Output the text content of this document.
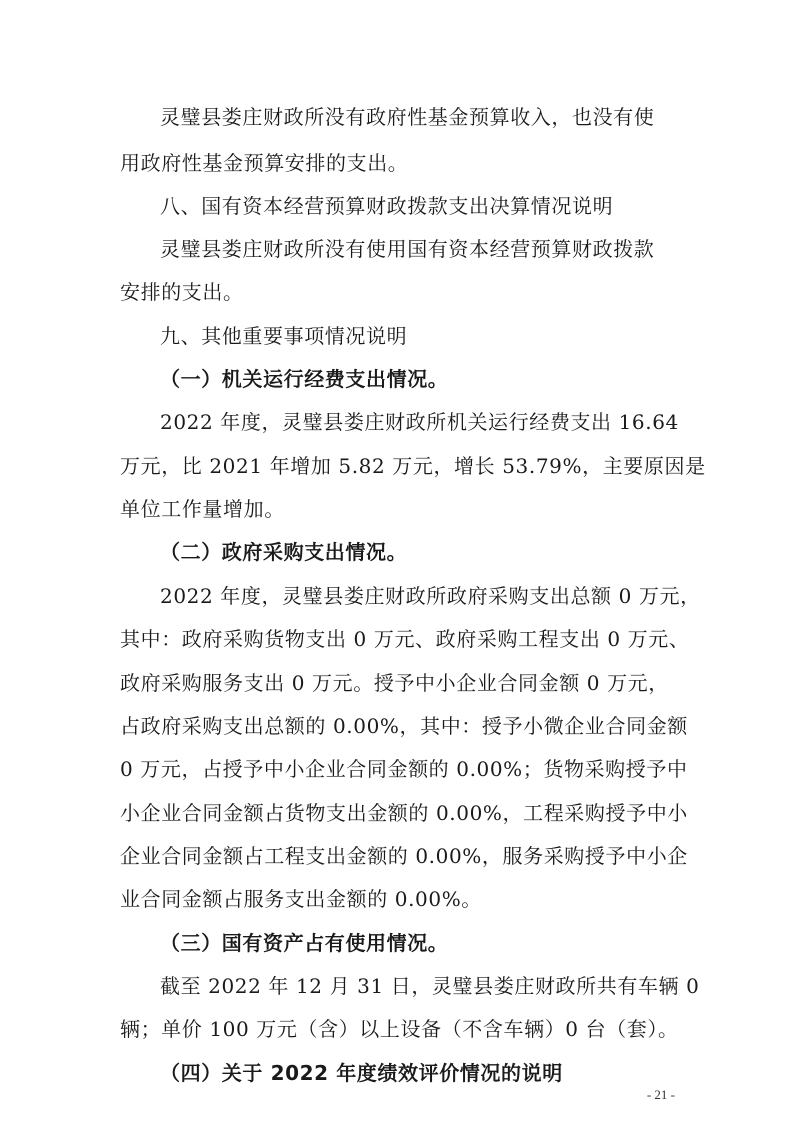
灵璧县娄庄财政所没有政府性基金预算收入，也没有使
用政府性基金预算安排的支出。
八、国有资本经营预算财政拨款支出决算情况说明
灵璧县娄庄财政所没有使用国有资本经营预算财政拨款
安排的支出。
九、其他重要事项情况说明
（一）机关运行经费支出情况。
2022 年度，灵璧县娄庄财政所机关运行经费支出 16.64
万元，比 2021 年增加 5.82 万元，增长 53.79%，主要原因是
单位工作量增加。
（二）政府采购支出情况。
2022 年度，灵璧县娄庄财政所政府采购支出总额 0 万元，
其中：政府采购货物支出 0 万元、政府采购工程支出 0 万元、
政府采购服务支出 0 万元。授予中小企业合同金额 0 万元，
占政府采购支出总额的 0.00%，其中：授予小微企业合同金额
0 万元，占授予中小企业合同金额的 0.00%；货物采购授予中
小企业合同金额占货物支出金额的 0.00%，工程采购授予中小
企业合同金额占工程支出金额的 0.00%，服务采购授予中小企
业合同金额占服务支出金额的 0.00%。
（三）国有资产占有使用情况。
截至 2022 年 12 月 31 日，灵璧县娄庄财政所共有车辆 0
辆；单价 100 万元（含）以上设备（不含车辆）0 台（套）。
（四）关于 2022 年度绩效评价情况的说明
- 21 -
